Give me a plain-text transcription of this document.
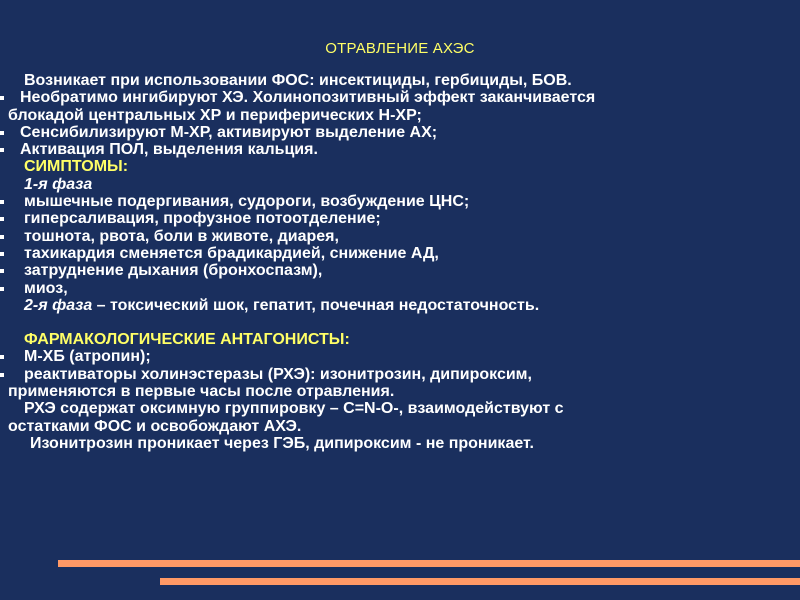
ОТРАВЛЕНИЕ АХЭС
Возникает при использовании ФОС: инсектициды, гербициды, БОВ.
Необратимо ингибируют ХЭ. Холинопозитивный эффект заканчивается
блокадой центральных ХР и периферических Н-ХР;
Сенсибилизируют М-ХР, активируют выделение АХ;
Активация ПОЛ, выделения кальция.
СИМПТОМЫ:
1-я фаза
мышечные подергивания, судороги, возбуждение ЦНС;
гиперсаливация, профузное потоотделение;
тошнота, рвота, боли в животе, диарея,
тахикардия сменяется брадикардией, снижение АД,
затруднение дыхания (бронхоспазм),
миоз,
2-я фаза – токсический шок, гепатит, почечная недостаточность.
ФАРМАКОЛОГИЧЕСКИЕ АНТАГОНИСТЫ:
М-ХБ (атропин);
реактиваторы холинэстеразы (РХЭ): изонитрозин, дипироксим,
применяются в первые часы после отравления.
РХЭ содержат оксимную группировку – C=N-O-, взаимодействуют с
остатками ФОС и освобождают АХЭ.
Изонитрозин проникает через ГЭБ, дипироксим - не проникает.
